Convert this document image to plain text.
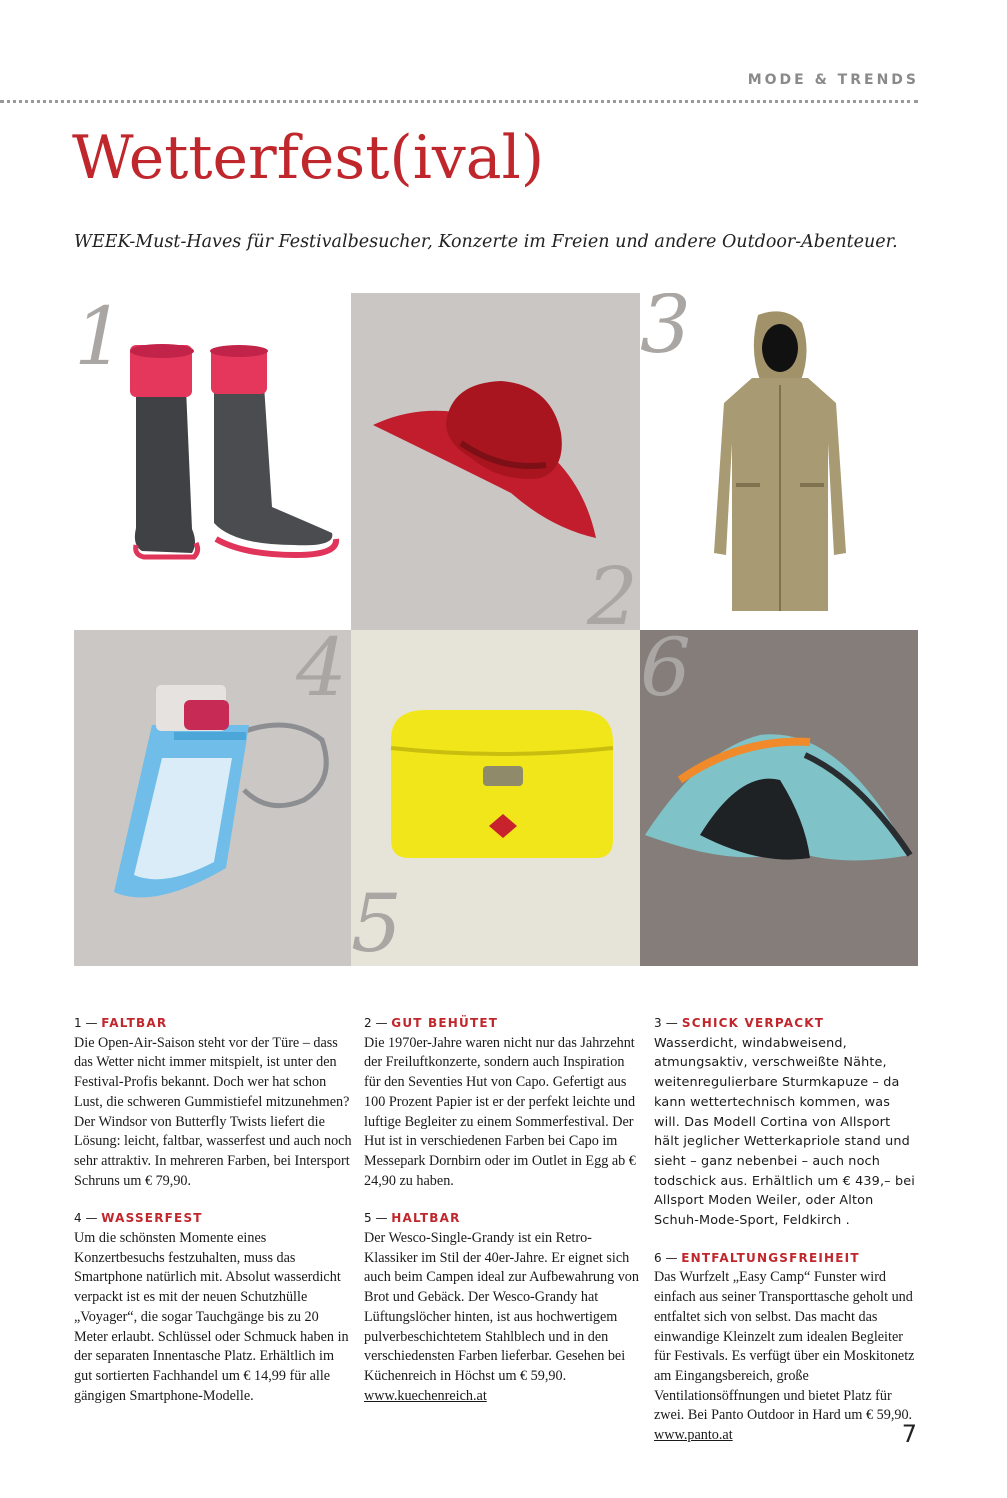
MODE & TRENDS
Wetterfest(ival)
WEEK-Must-Haves für Festivalbesucher, Konzerte im Freien und andere Outdoor-Abenteuer.
1
2
3
4
5
6
1 — FALTBAR

Die Open-Air-Saison steht vor der Türe – dass das Wetter nicht immer mitspielt, ist unter den Festival-Profis bekannt. Doch wer hat schon Lust, die schweren Gummistiefel mitzunehmen? Der Windsor von Butterfly Twists liefert die Lösung: leicht, faltbar, wasserfest und auch noch sehr attraktiv. In mehreren Farben, bei Intersport Schruns um € 79,90.

4 — WASSERFEST

Um die schönsten Momente eines Konzertbesuchs festzuhalten, muss das Smartphone natürlich mit. Absolut wasserdicht verpackt ist es mit der neuen Schutzhülle „Voyager“, die sogar Tauchgänge bis zu 20 Meter erlaubt. Schlüssel oder Schmuck haben in der separaten Innentasche Platz. Erhältlich im gut sortierten Fachhandel um € 14,99 für alle gängigen Smartphone-Modelle.

2 — GUT BEHÜTET

Die 1970er-Jahre waren nicht nur das Jahrzehnt der Freiluftkonzerte, sondern auch Inspiration für den Seventies Hut von Capo. Gefertigt aus 100 Prozent Papier ist er der perfekt leichte und luftige Begleiter zu einem Sommerfestival. Der Hut ist in verschiedenen Farben bei Capo im Messepark Dornbirn oder im Outlet in Egg ab € 24,90 zu haben.

5 — HALTBAR

Der Wesco-Single-Grandy ist ein Retro-Klassiker im Stil der 40er-Jahre. Er eignet sich auch beim Campen ideal zur Aufbewahrung von Brot und Gebäck. Der Wesco-Grandy hat Lüftungslöcher hinten, ist aus hochwertigem pulverbeschichtetem Stahlblech und in den verschiedensten Farben lieferbar. Gesehen bei Küchenreich in Höchst um € 59,90. www.kuechenreich.at

3 — SCHICK VERPACKT

Wasserdicht, windabweisend, atmungsaktiv, verschweißte Nähte, weitenregulierbare Sturmkapuze – da kann wettertechnisch kommen, was will. Das Modell Cortina von Allsport hält jeglicher Wetterkapriole stand und sieht – ganz nebenbei – auch noch todschick aus. Erhältlich um € 439,– bei Allsport Moden Weiler, oder Alton Schuh-Mode-Sport, Feldkirch .

6 — ENTFALTUNGSFREIHEIT

Das Wurfzelt „Easy Camp“ Funster wird einfach aus seiner Transporttasche geholt und entfaltet sich von selbst. Das macht das einwandige Kleinzelt zum idealen Begleiter für Festivals. Es verfügt über ein Moskitonetz am Eingangsbereich, große Ventilationsöffnungen und bietet Platz für zwei. Bei Panto Outdoor in Hard um € 59,90. www.panto.at	7
